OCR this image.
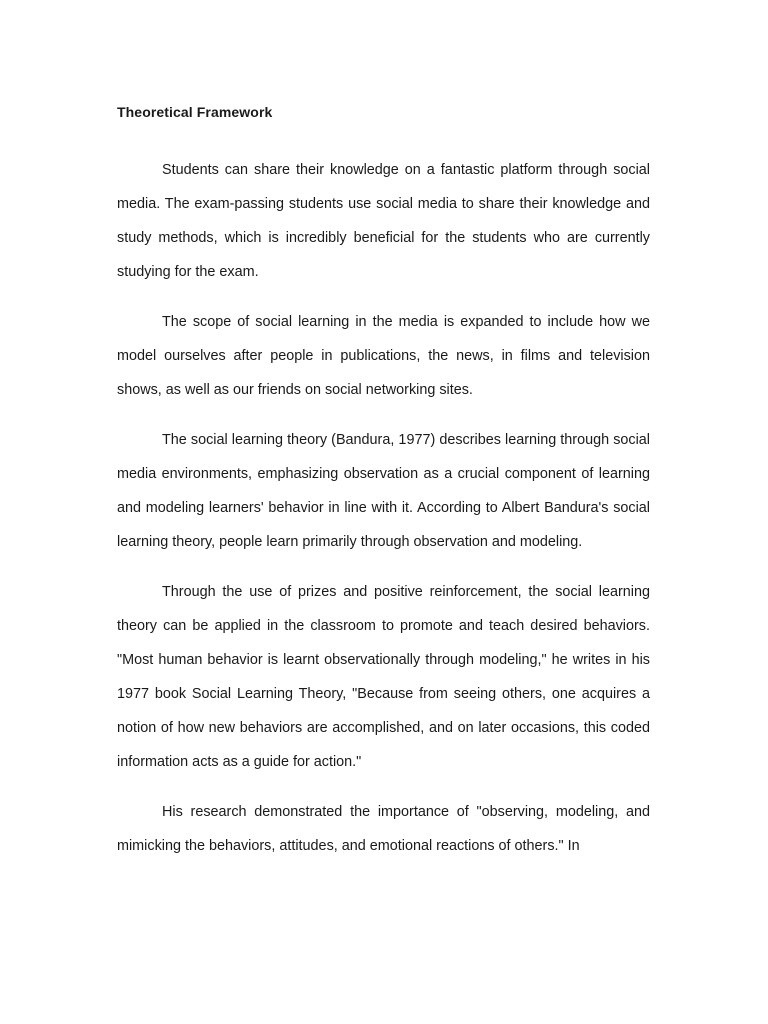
Theoretical Framework

Students can share their knowledge on a fantastic platform through social media. The exam-passing students use social media to share their knowledge and study methods, which is incredibly beneficial for the students who are currently studying for the exam.

The scope of social learning in the media is expanded to include how we model ourselves after people in publications, the news, in films and television shows, as well as our friends on social networking sites.

The social learning theory (Bandura, 1977) describes learning through social media environments, emphasizing observation as a crucial component of learning and modeling learners' behavior in line with it. According to Albert Bandura's social learning theory, people learn primarily through observation and modeling.

Through the use of prizes and positive reinforcement, the social learning theory can be applied in the classroom to promote and teach desired behaviors. "Most human behavior is learnt observationally through modeling," he writes in his 1977 book Social Learning Theory, "Because from seeing others, one acquires a notion of how new behaviors are accomplished, and on later occasions, this coded information acts as a guide for action."

His research demonstrated the importance of "observing, modeling, and mimicking the behaviors, attitudes, and emotional reactions of others." In
